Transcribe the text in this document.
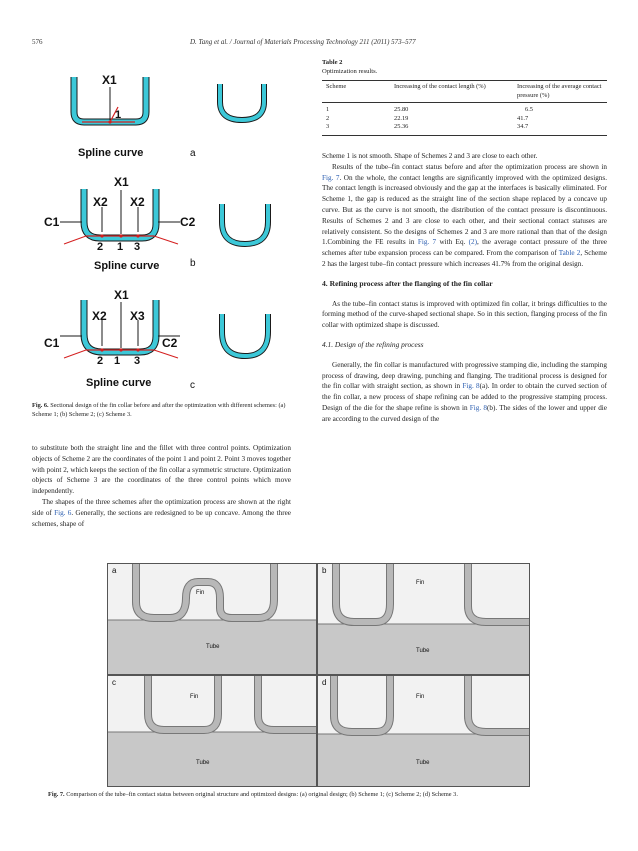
576	D. Tang et al. / Journal of Materials Processing Technology 211 (2011) 573–577
X1
1
Spline curve	a
X1
X2 X2
C1	C2
2 1 3
Spline curve	b
X1
X2 X3
C1	C2
2 1 3
Spline curve	c
Fig. 6. Sectional design of the fin collar before and after the optimization with different schemes: (a) Scheme 1; (b) Scheme 2; (c) Scheme 3.

to substitute both the straight line and the fillet with three control points. Optimization objects of Scheme 2 are the coordinates of the point 1 and point 2. Point 3 moves together with point 2, which keeps the section of the fin collar a symmetric structure. Optimization objects of Scheme 3 are the coordinates of the three control points which move independently.

The shapes of the three schemes after the optimization process are shown at the right side of Fig. 6. Generally, the sections are redesigned to be up concave. Among the three schemes, shape of

Table 2
Optimization results.
Scheme	Increasing of the contact length (%)	Increasing of the average contact pressure (%)
1	25.80	6.5
2	22.19	41.7
3	25.36	34.7

Scheme 1 is not smooth. Shape of Schemes 2 and 3 are close to each other.

Results of the tube–fin contact status before and after the optimization process are shown in Fig. 7. On the whole, the contact lengths are significantly improved with the optimized designs. The contact length is increased obviously and the gap at the interfaces is basically eliminated. For Scheme 1, the gap is reduced as the straight line of the section shape replaced by a concave up curve. But as the curve is not smooth, the distribution of the contact pressure is discontinuous. Results of Schemes 2 and 3 are close to each other, and their sectional contact statuses are relatively consistent. So the designs of Schemes 2 and 3 are more rational than that of the design 1.Combining the FE results in Fig. 7 with Eq. (2), the average contact pressure of the three schemes after tube expansion process can be compared. From the comparison of Table 2, Scheme 2 has the largest tube–fin contact pressure which increases 41.7% from the original design.

4. Refining process after the flanging of the fin collar

As the tube–fin contact status is improved with optimized fin collar, it brings difficulties to the forming method of the curve-shaped sectional shape. So in this section, flanging process of the fin collar with optimized shape is discussed.

4.1. Design of the refining process

Generally, the fin collar is manufactured with progressive stamping die, including the stamping process of drawing, deep drawing, punching and flanging. The traditional process is designed for the fin collar with straight section, as shown in Fig. 8(a). In order to obtain the curved section of the fin collar, a new process of shape refining can be added to the progressive stamping process. Design of the die for the shape refine is shown in Fig. 8(b). The sides of the lower and upper die are according to the curved design of the

a
Fin
Tube
b
Fin
Tube
c
Fin
Tube
d
Fin
Tube
Fig. 7. Comparison of the tube–fin contact status between original structure and optimized designs: (a) original design; (b) Scheme 1; (c) Scheme 2; (d) Scheme 3.
